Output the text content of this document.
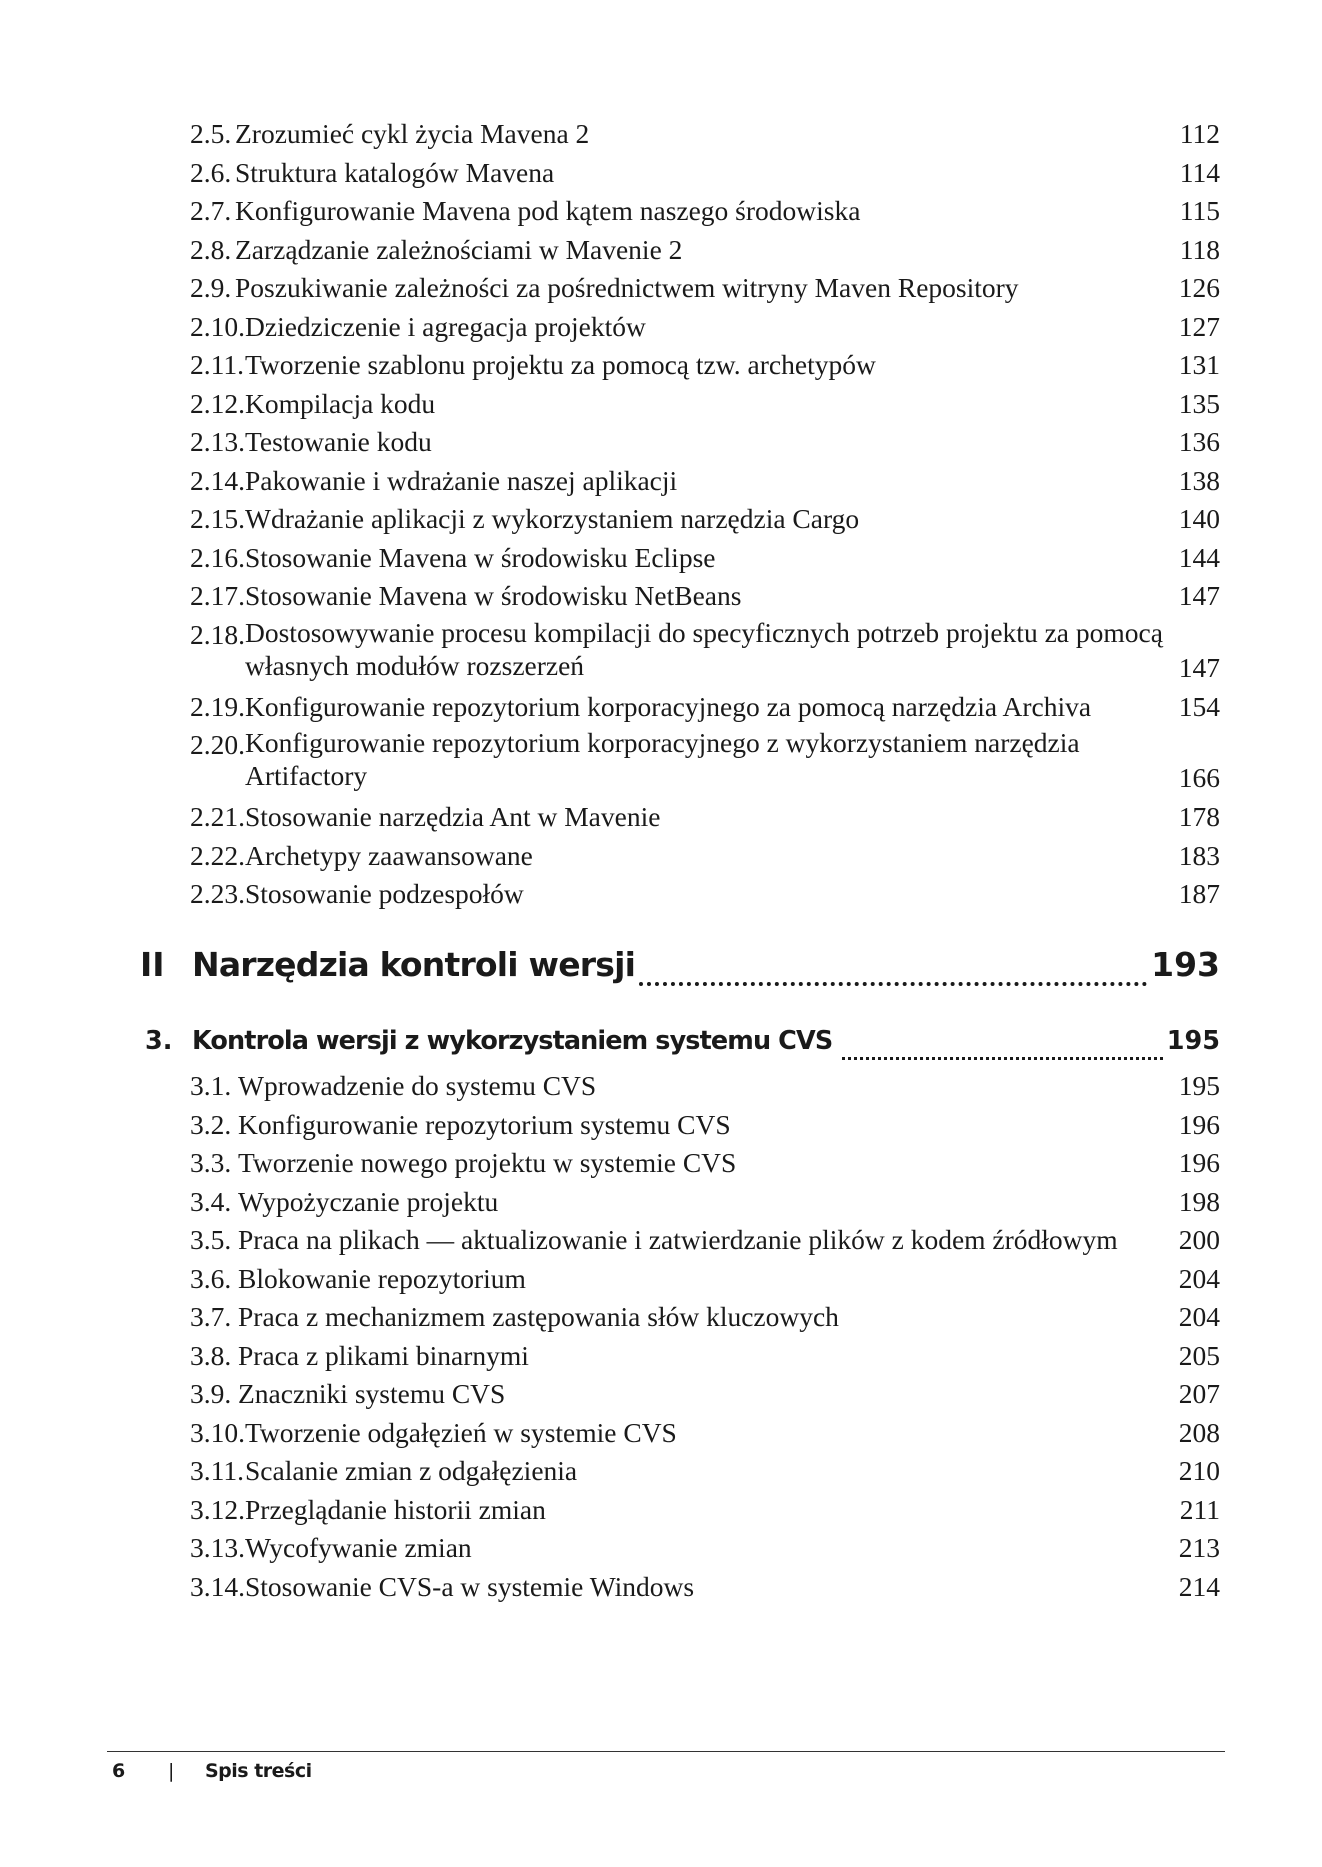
2.5. Zrozumieć cykl życia Mavena 2	112
2.6. Struktura katalogów Mavena	114
2.7. Konfigurowanie Mavena pod kątem naszego środowiska	115
2.8. Zarządzanie zależnościami w Mavenie 2	118
2.9. Poszukiwanie zależności za pośrednictwem witryny Maven Repository	126
2.10. Dziedziczenie i agregacja projektów	127
2.11. Tworzenie szablonu projektu za pomocą tzw. archetypów	131
2.12. Kompilacja kodu	135
2.13. Testowanie kodu	136
2.14. Pakowanie i wdrażanie naszej aplikacji	138
2.15. Wdrażanie aplikacji z wykorzystaniem narzędzia Cargo	140
2.16. Stosowanie Mavena w środowisku Eclipse	144
2.17. Stosowanie Mavena w środowisku NetBeans	147
2.18. Dostosowywanie procesu kompilacji do specyficznych potrzeb projektu za pomocą własnych modułów rozszerzeń	147
2.19. Konfigurowanie repozytorium korporacyjnego za pomocą narzędzia Archiva	154
2.20. Konfigurowanie repozytorium korporacyjnego z wykorzystaniem narzędzia Artifactory	166
2.21. Stosowanie narzędzia Ant w Mavenie	178
2.22. Archetypy zaawansowane	183
2.23. Stosowanie podzespołów	187
II Narzędzia kontroli wersji	193
3. Kontrola wersji z wykorzystaniem systemu CVS	195
3.1. Wprowadzenie do systemu CVS	195
3.2. Konfigurowanie repozytorium systemu CVS	196
3.3. Tworzenie nowego projektu w systemie CVS	196
3.4. Wypożyczanie projektu	198
3.5. Praca na plikach — aktualizowanie i zatwierdzanie plików z kodem źródłowym 200
3.6. Blokowanie repozytorium	204
3.7. Praca z mechanizmem zastępowania słów kluczowych	204
3.8. Praca z plikami binarnymi	205
3.9. Znaczniki systemu CVS	207
3.10. Tworzenie odgałęzień w systemie CVS	208
3.11. Scalanie zmian z odgałęzienia	210
3.12. Przeglądanie historii zmian	211
3.13. Wycofywanie zmian	213
3.14. Stosowanie CVS-a w systemie Windows	214
6 | Spis treści
